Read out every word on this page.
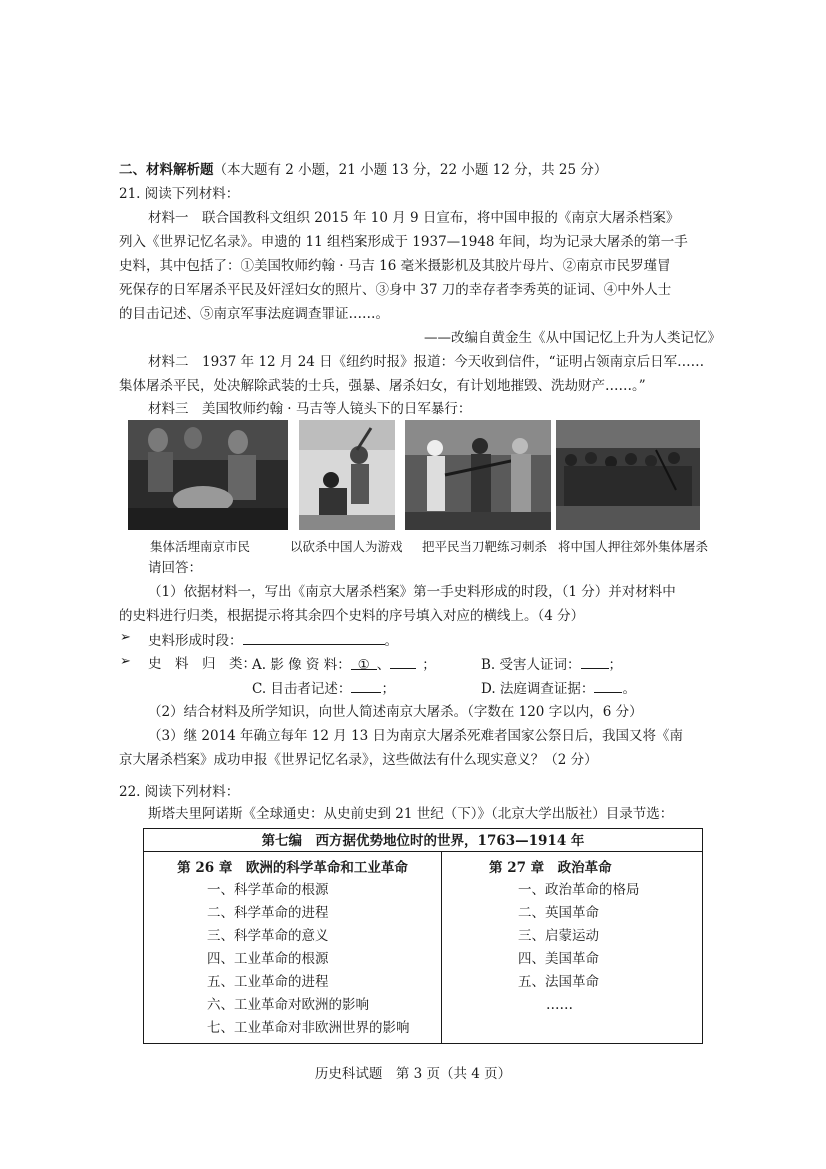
二、材料解析题（本大题有 2 小题，21 小题 13 分，22 小题 12 分，共 25 分）
21. 阅读下列材料：
材料一　联合国教科文组织 2015 年 10 月 9 日宣布，将中国申报的《南京大屠杀档案》
列入《世界记忆名录》。申遗的 11 组档案形成于 1937—1948 年间，均为记录大屠杀的第一手
史料，其中包括了：①美国牧师约翰 · 马吉 16 毫米摄影机及其胶片母片、②南京市民罗瑾冒
死保存的日军屠杀平民及奸淫妇女的照片、③身中 37 刀的幸存者李秀英的证词、④中外人士
的目击记述、⑤南京军事法庭调查罪证……。
——改编自黄金生《从中国记忆上升为人类记忆》
材料二　1937 年 12 月 24 日《纽约时报》报道：今天收到信件，“证明占领南京后日军……
集体屠杀平民，处决解除武装的士兵，强暴、屠杀妇女，有计划地摧毁、洗劫财产……。”
材料三　美国牧师约翰 · 马吉等人镜头下的日军暴行：
集体活埋南京市民	以砍杀中国人为游戏 把平民当刀靶练习刺杀 将中国人押往郊外集体屠杀
请回答：
（1）依据材料一，写出《南京大屠杀档案》第一手史料形成的时段，（1 分）并对材料中
的史料进行归类，根据提示将其余四个史料的序号填入对应的横线上。（4 分）
➢ 史料形成时段：	。
➢ 史　料　归　类：
A. 影 像 资 料： ① 、 ；	B. 受害人证词： ；
C. 目击者记述： ；	D. 法庭调查证据： 。
（2）结合材料及所学知识，向世人简述南京大屠杀。（字数在 120 字以内，6 分）
（3）继 2014 年确立每年 12 月 13 日为南京大屠杀死难者国家公祭日后，我国又将《南
京大屠杀档案》成功申报《世界记忆名录》，这些做法有什么现实意义？（2 分）
22. 阅读下列材料：
斯塔夫里阿诺斯《全球通史：从史前史到 21 世纪（下）》（北京大学出版社）目录节选：
第七编　西方据优势地位时的世界，1763—1914 年

第 26 章　欧洲的科学革命和工业革命
一、科学革命的根源
二、科学革命的进程
三、科学革命的意义
四、工业革命的根源
五、工业革命的进程
六、工业革命对欧洲的影响
七、工业革命对非欧洲世界的影响

第 27 章　政治革命
一、政治革命的格局
二、英国革命
三、启蒙运动
四、美国革命
五、法国革命
……
历史科试题　第 3 页（共 4 页）
